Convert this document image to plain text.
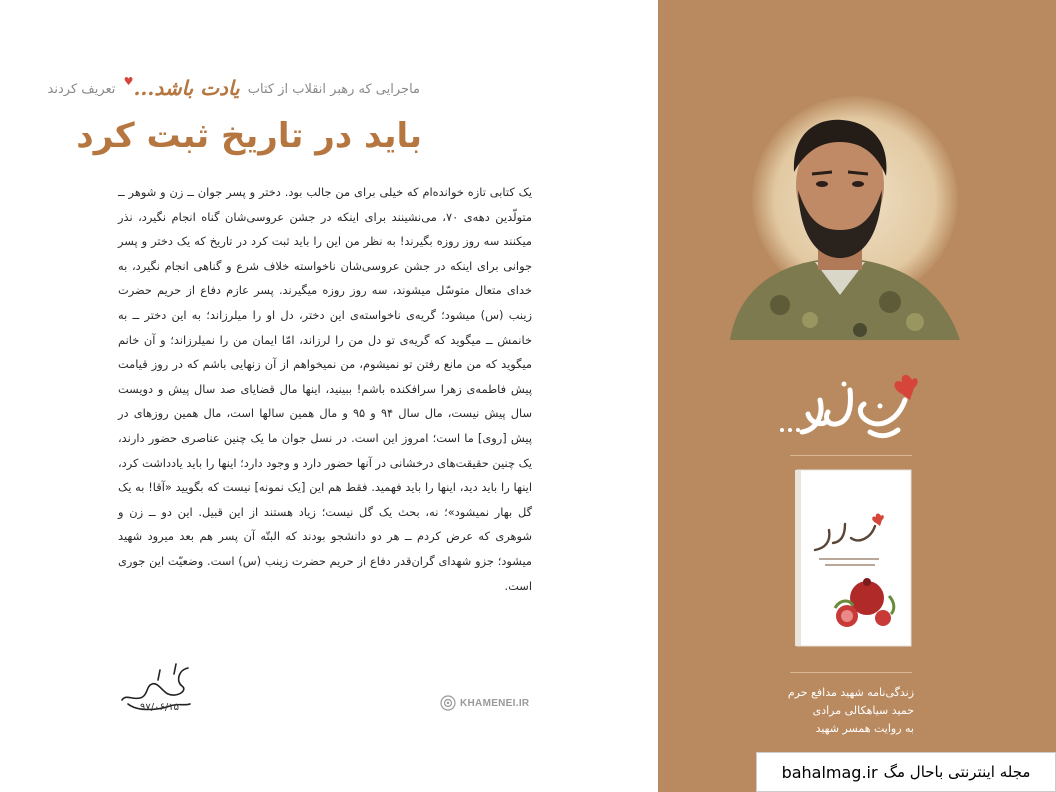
ماجرایی که رهبر انقلاب از کتاب یادت باشد...♥ تعریف کردند
باید در تاریخ ثبت کرد
یک کتابی تازه خوانده‌ام که خیلی برای من جالب بود. دختر و پسر جوان ــ زن و شوهر ــ متولّدین دهه‌ی ۷۰، می‌نشینند برای اینکه در جشن عروسی‌شان گناه انجام نگیرد، نذر میکنند سه روز روزه بگیرند! به نظر من این را باید ثبت کرد در تاریخ که یک دختر و پسر جوانی برای اینکه در جشن عروسی‌شان ناخواسته خلاف شرع و گناهی انجام نگیرد، به خدای متعال متوسّل میشوند، سه روز روزه میگیرند. پسر عازم دفاع از حریم حضرت زینب (س) میشود؛ گریه‌ی ناخواسته‌ی این دختر، دل او را میلرزاند؛ به این دختر ــ به خانمش ــ میگوید که گریه‌ی تو دل من را لرزاند، امّا ایمان من را نمیلرزاند؛ و آن خانم میگوید که من مانع رفتن تو نمیشوم، من نمیخواهم از آن زنهایی باشم که در روز قیامت پیش فاطمه‌ی زهرا سرافکنده باشم! ببینید، اینها مال قضایای صد سال پیش و دویست سال پیش نیست، مال سال ۹۴ و ۹۵ و مال همین سالها است، مال همین روزهای در پیش [روی] ما است؛ امروز این است. در نسل جوان ما یک چنین عناصری حضور دارند، یک چنین حقیقت‌های درخشانی در آنها حضور دارد و وجود دارد؛ اینها را باید یادداشت کرد، اینها را باید دید، اینها را باید فهمید. فقط هم این [یک نمونه] نیست که بگویید «آقا! به یک گل بهار نمیشود»؛ نه، بحث یک گل نیست؛ زیاد هستند از این قبیل. این دو ــ زن و شوهری که عرض کردم ــ هر دو دانشجو بودند که البتّه آن پسر هم بعد میرود شهید میشود؛ جزو شهدای گران‌قدر دفاع از حریم حضرت زینب (س) است. وضعیّت این جوری است.
۹۷/۰۶/۱۵	KHAMENEI.IR
زندگی‌نامه شهید مدافع حرم
حمید سیاهکالی مرادی
به روایت همسر شهید
bahalmag.ir مجله اینترنتی باحال مگ
